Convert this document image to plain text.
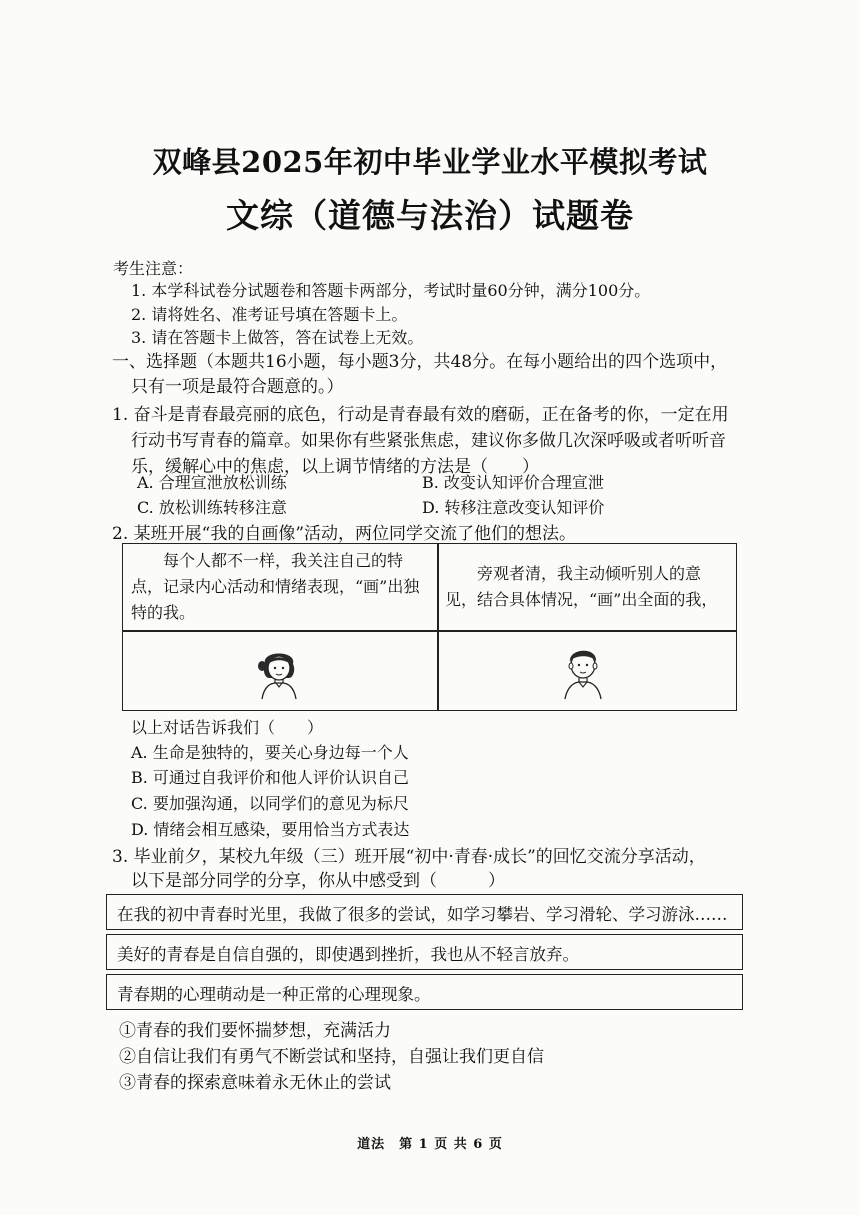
双峰县2025年初中毕业学业水平模拟考试
文综（道德与法治）试题卷
考生注意：
1. 本学科试卷分试题卷和答题卡两部分，考试时量60分钟，满分100分。
2. 请将姓名、准考证号填在答题卡上。
3. 请在答题卡上做答，答在试卷上无效。
一、选择题（本题共16小题，每小题3分，共48分。在每小题给出的四个选项中，
只有一项是最符合题意的。）
1. 奋斗是青春最亮丽的底色，行动是青春最有效的磨砺，正在备考的你，一定在用
行动书写青春的篇章。如果你有些紧张焦虑，建议你多做几次深呼吸或者听听音
乐，缓解心中的焦虑，以上调节情绪的方法是（　　）
A. 合理宣泄放松训练	B. 改变认知评价合理宣泄
C. 放松训练转移注意	D. 转移注意改变认知评价
2. 某班开展“我的自画像”活动，两位同学交流了他们的想法。
每个人都不一样，我关注自己的特点，记录内心活动和情绪表现，“画”出独特的我。
旁观者清，我主动倾听别人的意见，结合具体情况，“画”出全面的我，
以上对话告诉我们（　　）
A. 生命是独特的，要关心身边每一个人
B. 可通过自我评价和他人评价认识自己
C. 要加强沟通，以同学们的意见为标尺
D. 情绪会相互感染，要用恰当方式表达
3. 毕业前夕，某校九年级（三）班开展“初中·青春·成长”的回忆交流分享活动，
以下是部分同学的分享，你从中感受到（　　　）
在我的初中青春时光里，我做了很多的尝试，如学习攀岩、学习滑轮、学习游泳……
美好的青春是自信自强的，即使遇到挫折，我也从不轻言放弃。
青春期的心理萌动是一种正常的心理现象。
①青春的我们要怀揣梦想，充满活力
②自信让我们有勇气不断尝试和坚持，自强让我们更自信
③青春的探索意味着永无休止的尝试
道法　第 1 页 共 6 页
